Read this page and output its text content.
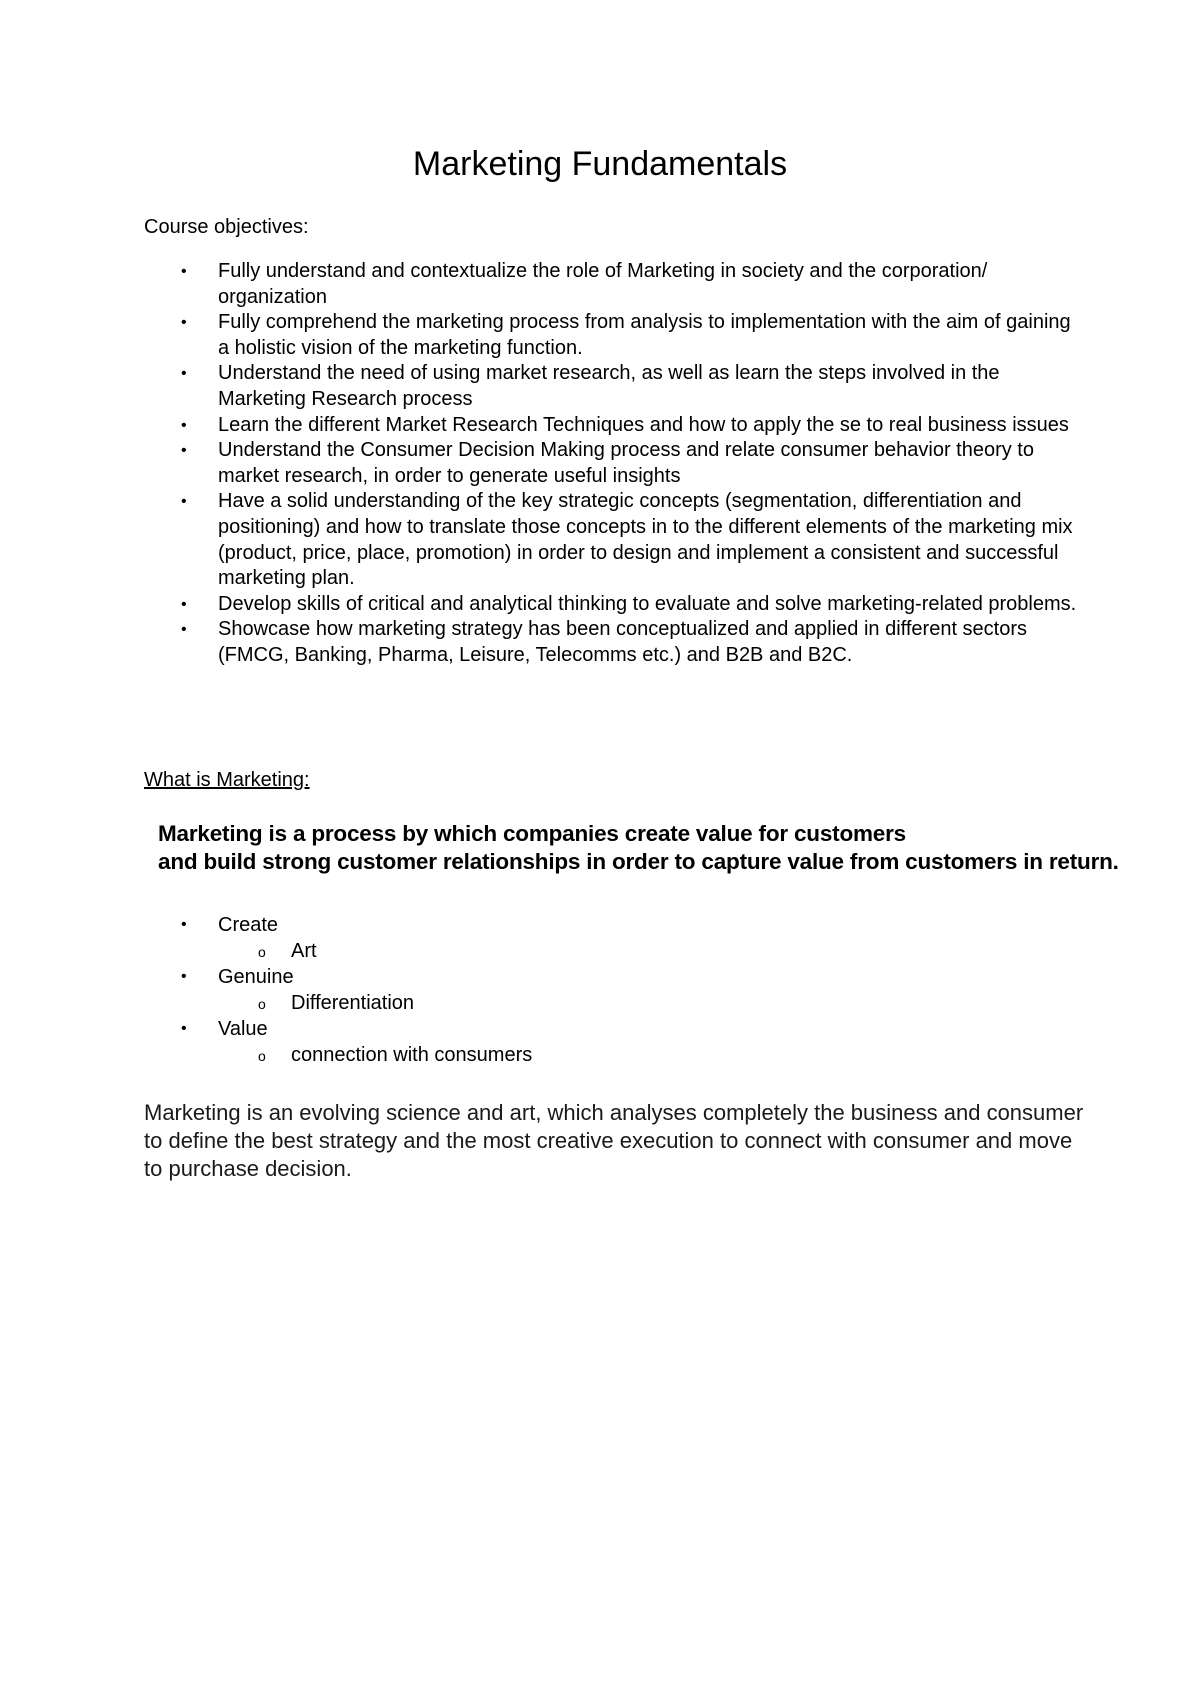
Marketing Fundamentals

Course objectives:

• Fully understand and contextualize the role of Marketing in society and the corporation/ organization
• Fully comprehend the marketing process from analysis to implementation with the aim of gaining a holistic vision of the marketing function.
• Understand the need of using market research, as well as learn the steps involved in the Marketing Research process
• Learn the different Market Research Techniques and how to apply the se to real business issues
• Understand the Consumer Decision Making process and relate consumer behavior theory to market research, in order to generate useful insights
• Have a solid understanding of the key strategic concepts (segmentation, differentiation and positioning) and how to translate those concepts in to the different elements of the marketing mix (product, price, place, promotion) in order to design and implement a consistent and successful marketing plan.
• Develop skills of critical and analytical thinking to evaluate and solve marketing-related problems.
• Showcase how marketing strategy has been conceptualized and applied in different sectors (FMCG, Banking, Pharma, Leisure, Telecomms etc.) and B2B and B2C.

What is Marketing:

Marketing is a process by which companies create value for customers
and build strong customer relationships in order to capture value from customers in return.

• Create
o Art
• Genuine
o Differentiation
• Value
o connection with consumers

Marketing is an evolving science and art, which analyses completely the business and consumer to define the best strategy and the most creative execution to connect with consumer and move to purchase decision.
